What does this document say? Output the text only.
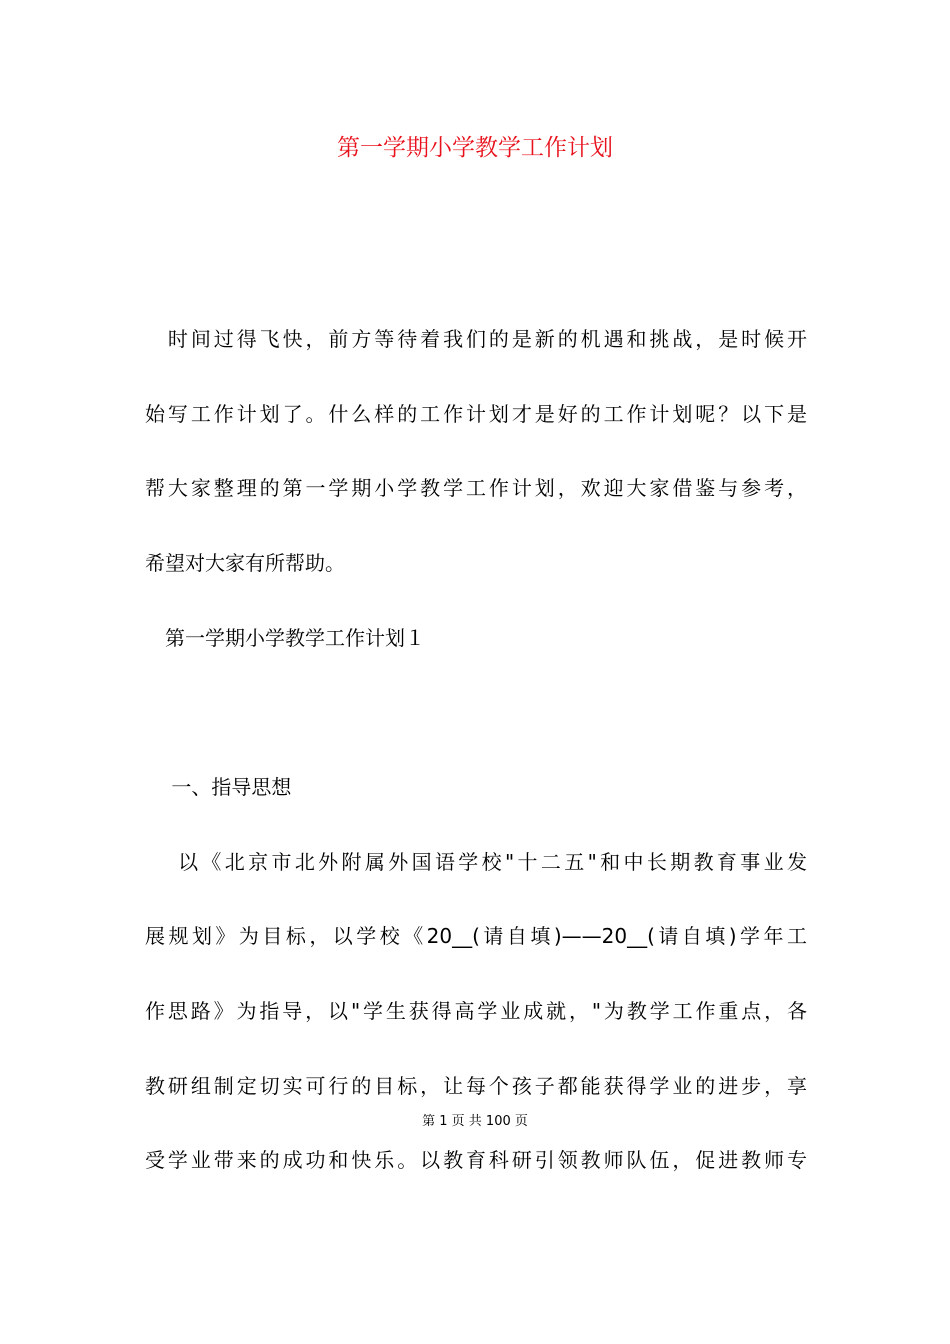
第一学期小学教学工作计划
　时间过得飞快，前方等待着我们的是新的机遇和挑战，是时候开
始写工作计划了。什么样的工作计划才是好的工作计划呢？以下是
帮大家整理的第一学期小学教学工作计划，欢迎大家借鉴与参考，
希望对大家有所帮助。
　第一学期小学教学工作计划１
　 一、指导思想
　 以《北京市北外附属外国语学校"十二五"和中长期教育事业发
展规划》为目标，以学校《20__(请自填)——20__(请自填)学年工
作思路》为指导，以"学生获得高学业成就，"为教学工作重点，各
教研组制定切实可行的目标，让每个孩子都能获得学业的进步，享
第 1 页 共 100 页
受学业带来的成功和快乐。以教育科研引领教师队伍，促进教师专
